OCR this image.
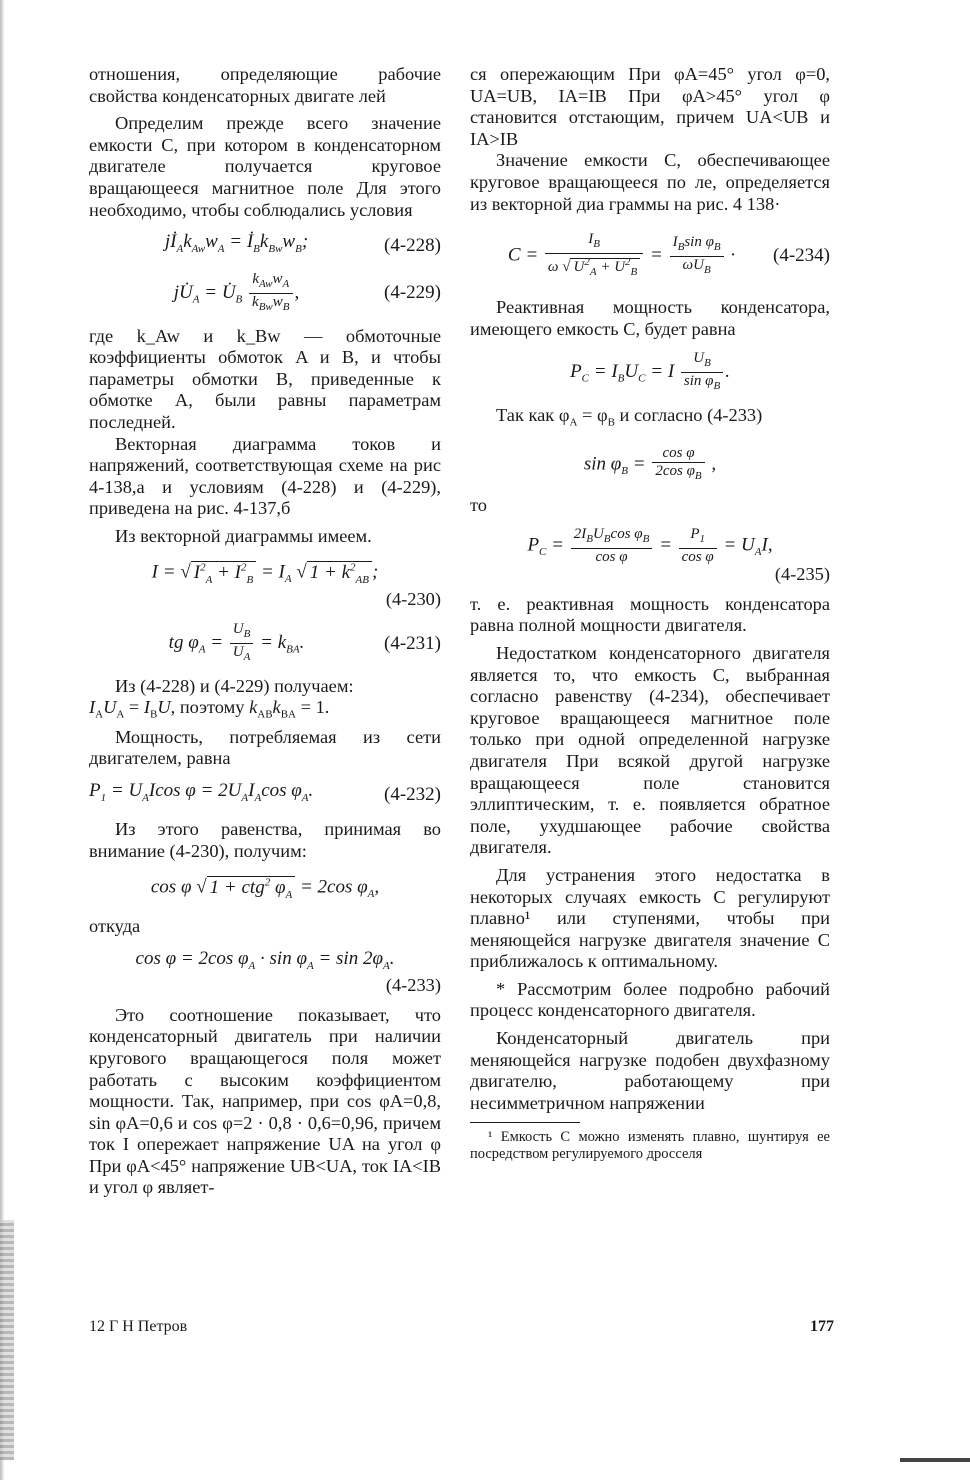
отношения, определяющие рабочие свойства конденсаторных двигате лей

Определим прежде всего значение емкости C, при котором в конденсаторном двигателе получается круговое вращающееся магнитное поле Для этого необходимо, чтобы соблюдались условия

$jİ_Ak_{Aw}w_A$ = $İ_Bk_{Bw}w_B$;	(4-228)
$jU̇_A$ = $U̇_B \frac{k_{Aw}w_A}{k_{Bw}w_B}$ ,	(4-229)

где k_Aw и k_Bw — обмоточные коэффициенты обмоток A и B, и чтобы параметры обмотки B, приведенные к обмотке A, были равны параметрам последней.

Векторная диаграмма токов и напряжений, соответствующая схеме на рис 4-138,a и условиям (4-228) и (4-229), приведена на рис. 4-137,б

Из векторной диаграммы имеем.

I = √ $I^2_A + I^2_B = I_A$ √ $1 + k^2_{AB}$ ;
(4-230)
tg $\varphi_A = \frac{U_B}{U_A} = k_{BA}$.	(4-231)

Из (4-228) и (4-229) получаем:

$I_AU_A = I_BU$, поэтому $k_{AB}k_{BA} = 1$.

Мощность, потребляемая из сети двигателем, равна

$P_1 = U_AIcos$ $\varphi = 2U_AI_A\cos$ $\varphi_A$.	(4-232)

Из этого равенства, принимая во внимание (4-230), получим:

cos φ √ 1 + ctg$^2$ $\varphi_A = 2\cos$ $\varphi_A$,

откуда

cos φ = 2cos $\varphi_A \cdot \sin \varphi_A = \sin 2\varphi_A$.
(4-233)

Это соотношение показывает, что конденсаторный двигатель при наличии кругового вращающегося поля может работать с высоким коэффициентом мощности. Так, например, при cos φA=0,8, sin φA=0,6 и cos φ=2 · 0,8 · 0,6=0,96, причем ток I опережает напряжение UA на угол φ При φA<45° напряжение UB<UA, ток IA<IB и угол φ являет-

ся опережающим При φA=45° угол φ=0, UA=UB, IA=IB При φA>45° угол φ становится отстающим, причем UA<UB и IA>IB

Значение емкости C, обеспечивающее круговое вращающееся по ле, определяется из векторной диа граммы на рис. 4 138·

$C = \frac{I_B}{\omega √ U^2_A + U^2_B} = \frac{I_B\sin \varphi_B}{\omega U_B}$ ·	(4-234)

Реактивная мощность конденсатора, имеющего емкость C, будет равна

$P_C = I_BU_C = I \frac{U_B}{\sin \varphi_B}$ .

Так как $\varphi_A = \varphi_B$ и согласно (4-233)

$\sin \varphi_B = \frac{\text{cos φ}}{2\cos \varphi_B}$ ,

то

$P_C = \frac{2I_BU_B\cos \varphi_B}{\text{cos φ}} = \frac{P_1}{\text{cos φ}} = U_AI$,
(4-235)

т. е. реактивная мощность конденсатора равна полной мощности двигателя.

Недостатком конденсаторного двигателя является то, что емкость C, выбранная согласно равенству (4-234), обеспечивает круговое вращающееся магнитное поле только при одной определенной нагрузке двигателя При всякой другой нагрузке вращающееся поле становится эллиптическим, т. е. появляется обратное поле, ухудшающее рабочие свойства двигателя.

Для устранения этого недостатка в некоторых случаях емкость C регулируют плавно¹ или ступенями, чтобы при меняющейся нагрузке двигателя значение C приближалось к оптимальному.

* Рассмотрим более подробно рабочий процесс конденсаторного двигателя.

Конденсаторный двигатель при меняющейся нагрузке подобен двухфазному двигателю, работающему при несимметричном напряжении

¹ Емкость C можно изменять плавно, шунтируя ее посредством регулируемого дросселя

12 Г Н Петров	177
